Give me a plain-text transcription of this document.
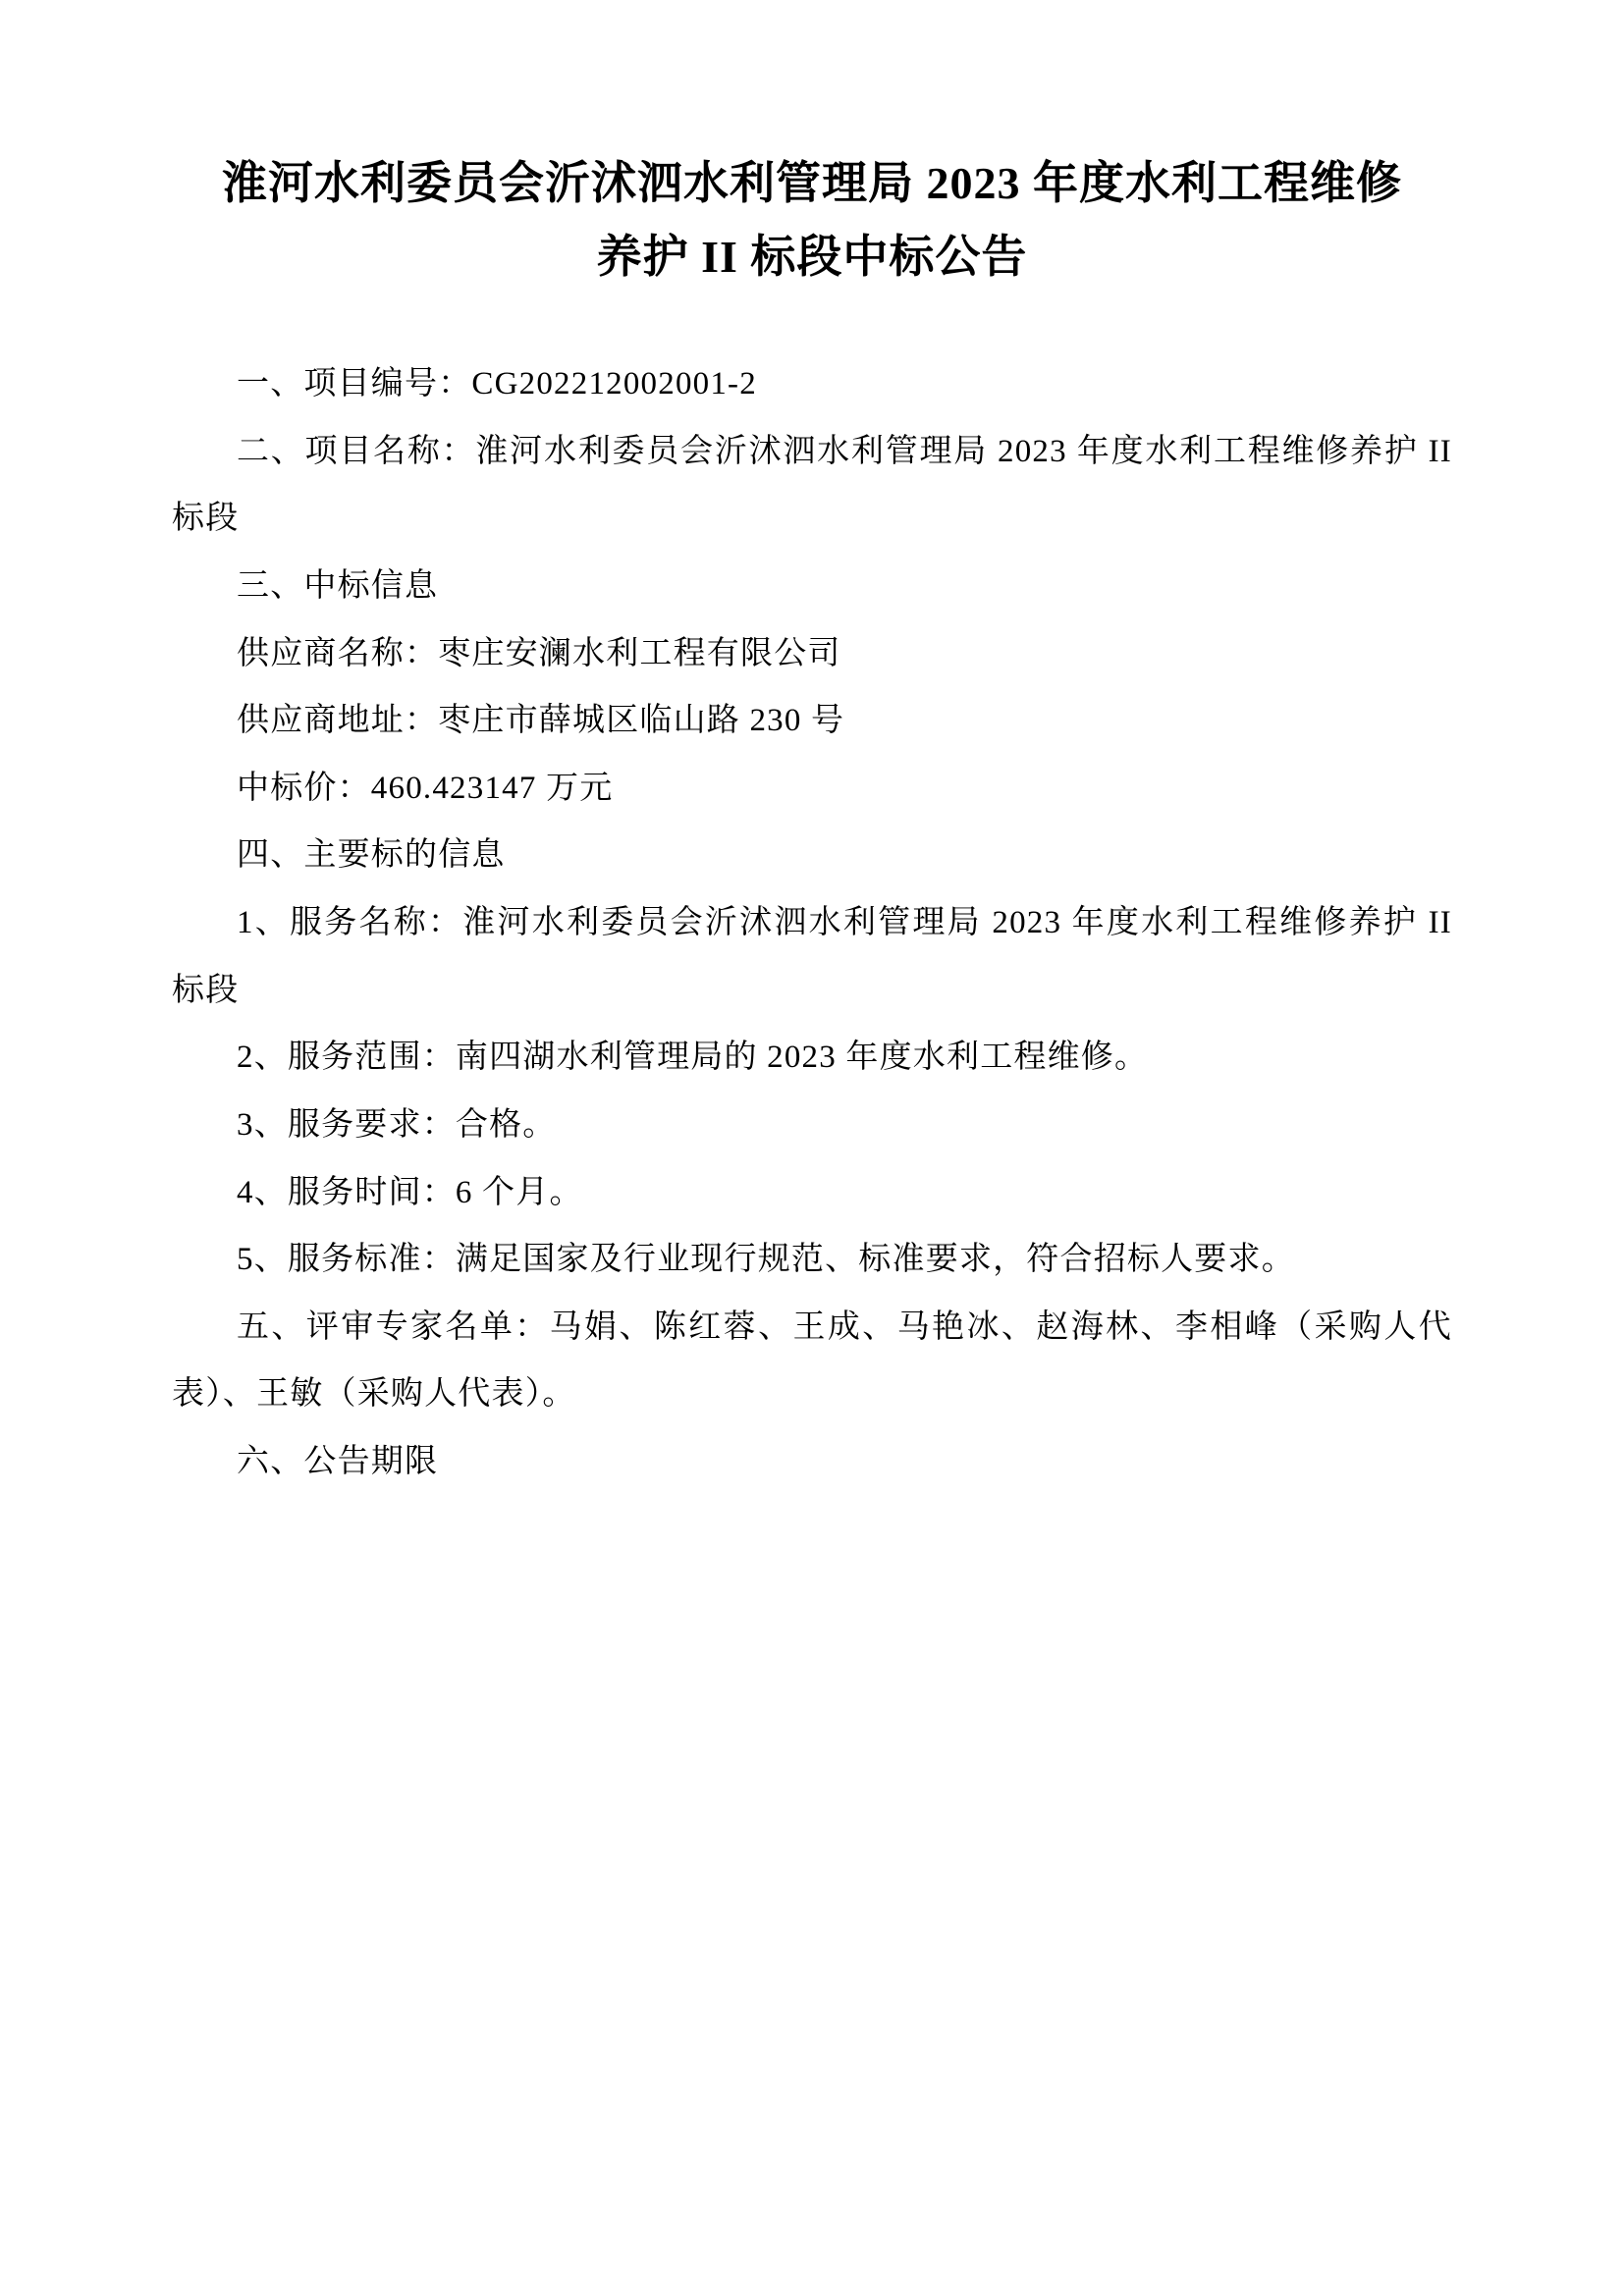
淮河水利委员会沂沭泗水利管理局 2023 年度水利工程维修养护 II 标段中标公告

一、项目编号：CG202212002001-2

二、项目名称：淮河水利委员会沂沭泗水利管理局 2023 年度水利工程维修养护 II 标段

三、中标信息

供应商名称：枣庄安澜水利工程有限公司

供应商地址：枣庄市薛城区临山路 230 号

中标价：460.423147 万元

四、主要标的信息

1、服务名称：淮河水利委员会沂沭泗水利管理局 2023 年度水利工程维修养护 II 标段

2、服务范围：南四湖水利管理局的 2023 年度水利工程维修。

3、服务要求：合格。

4、服务时间：6 个月。

5、服务标准：满足国家及行业现行规范、标准要求，符合招标人要求。

五、评审专家名单：马娟、陈红蓉、王成、马艳冰、赵海林、李相峰（采购人代表）、王敏（采购人代表）。

六、公告期限
